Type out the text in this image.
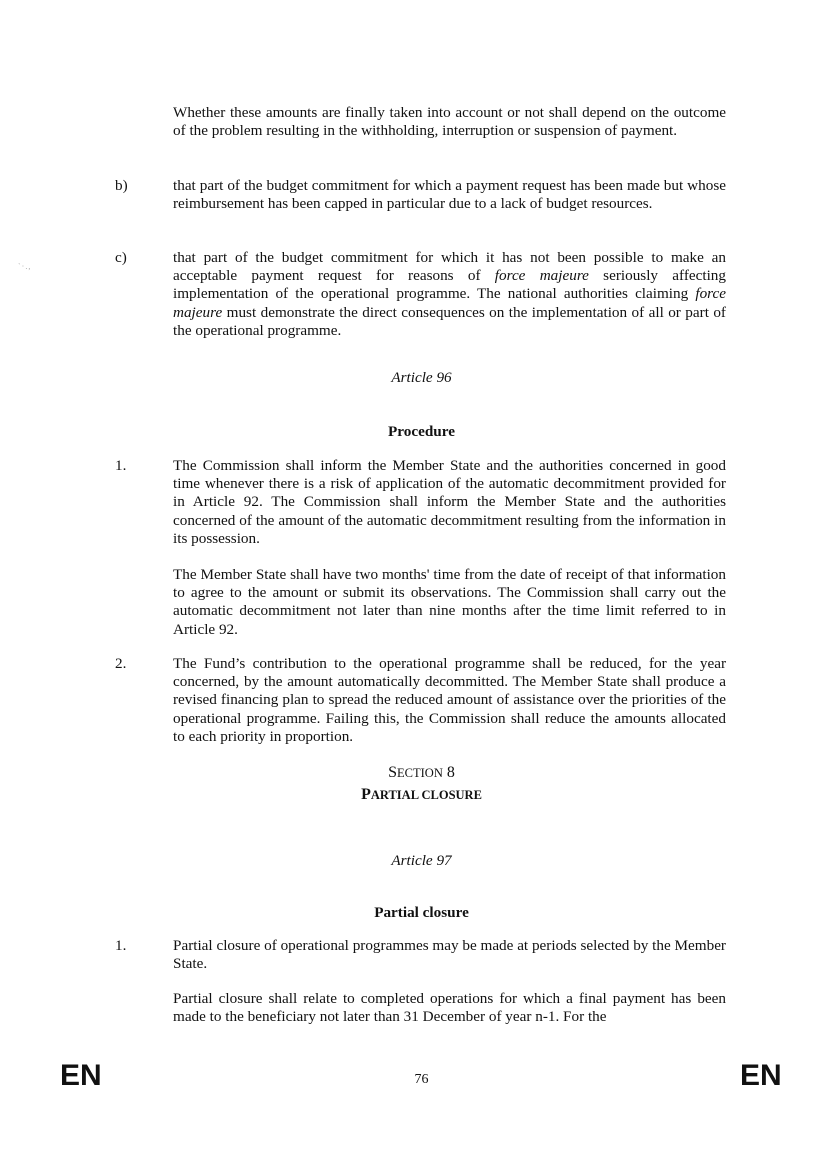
`·.,
Whether these amounts are finally taken into account or not shall depend on the outcome of the problem resulting in the withholding, interruption or suspension of payment.
b)	that part of the budget commitment for which a payment request has been made but whose reimbursement has been capped in particular due to a lack of budget resources.
c)	that part of the budget commitment for which it has not been possible to make an acceptable payment request for reasons of force majeure seriously affecting implementation of the operational programme. The national authorities claiming force majeure must demonstrate the direct consequences on the implementation of all or part of the operational programme.
Article 96
Procedure
1.	The Commission shall inform the Member State and the authorities concerned in good time whenever there is a risk of application of the automatic decommitment provided for in Article 92. The Commission shall inform the Member State and the authorities concerned of the amount of the automatic decommitment resulting from the information in its possession.
The Member State shall have two months' time from the date of receipt of that information to agree to the amount or submit its observations. The Commission shall carry out the automatic decommitment not later than nine months after the time limit referred to in Article 92.
2.	The Fund’s contribution to the operational programme shall be reduced, for the year concerned, by the amount automatically decommitted. The Member State shall produce a revised financing plan to spread the reduced amount of assistance over the priorities of the operational programme. Failing this, the Commission shall reduce the amounts allocated to each priority in proportion.
SECTION 8
PARTIAL CLOSURE
Article 97
Partial closure
1.	Partial closure of operational programmes may be made at periods selected by the Member State.
Partial closure shall relate to completed operations for which a final payment has been made to the beneficiary not later than 31 December of year n-1. For the
EN	76	EN
